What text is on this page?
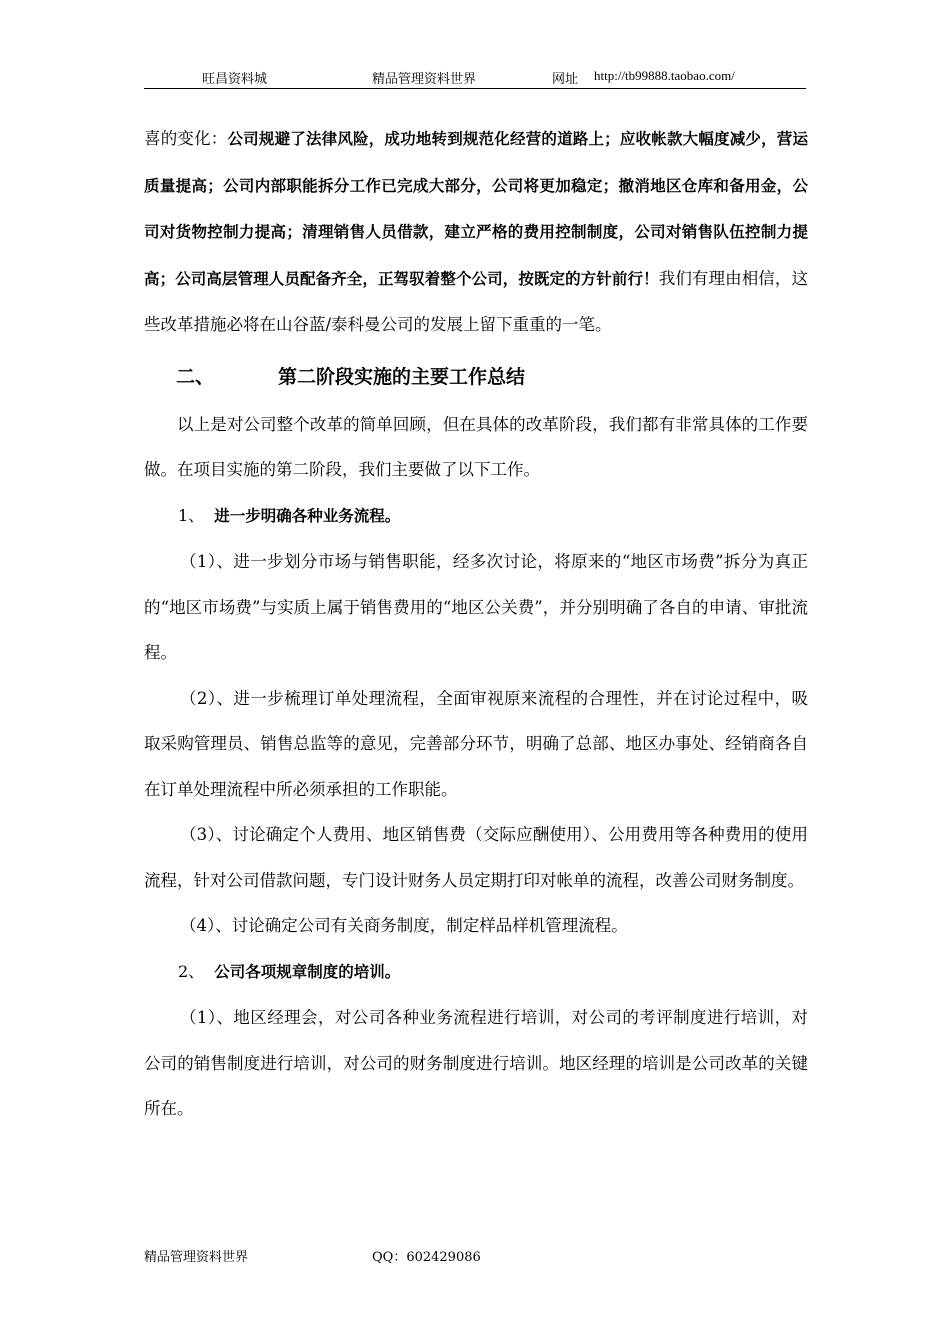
旺昌资料城	精品管理资料世界	网址 http://tb99888.taobao.com/

喜的变化：公司规避了法律风险，成功地转到规范化经营的道路上；应收帐款大幅度减少，营运质量提高；公司内部职能拆分工作已完成大部分，公司将更加稳定；撤消地区仓库和备用金，公司对货物控制力提高；清理销售人员借款，建立严格的费用控制制度，公司对销售队伍控制力提高；公司高层管理人员配备齐全，正驾驭着整个公司，按既定的方针前行！我们有理由相信，这些改革措施必将在山谷蓝/泰科曼公司的发展上留下重重的一笔。

二、	第二阶段实施的主要工作总结

以上是对公司整个改革的简单回顾，但在具体的改革阶段，我们都有非常具体的工作要做。在项目实施的第二阶段，我们主要做了以下工作。

1、 进一步明确各种业务流程。

（1）、进一步划分市场与销售职能，经多次讨论，将原来的“地区市场费”拆分为真正的“地区市场费”与实质上属于销售费用的“地区公关费”，并分别明确了各自的申请、审批流程。

（2）、进一步梳理订单处理流程，全面审视原来流程的合理性，并在讨论过程中，吸取采购管理员、销售总监等的意见，完善部分环节，明确了总部、地区办事处、经销商各自在订单处理流程中所必须承担的工作职能。

（3）、讨论确定个人费用、地区销售费（交际应酬使用）、公用费用等各种费用的使用流程，针对公司借款问题，专门设计财务人员定期打印对帐单的流程，改善公司财务制度。

（4）、讨论确定公司有关商务制度，制定样品样机管理流程。

2、 公司各项规章制度的培训。

（1）、地区经理会，对公司各种业务流程进行培训，对公司的考评制度进行培训，对公司的销售制度进行培训，对公司的财务制度进行培训。地区经理的培训是公司改革的关键所在。

精品管理资料世界	QQ：602429086
